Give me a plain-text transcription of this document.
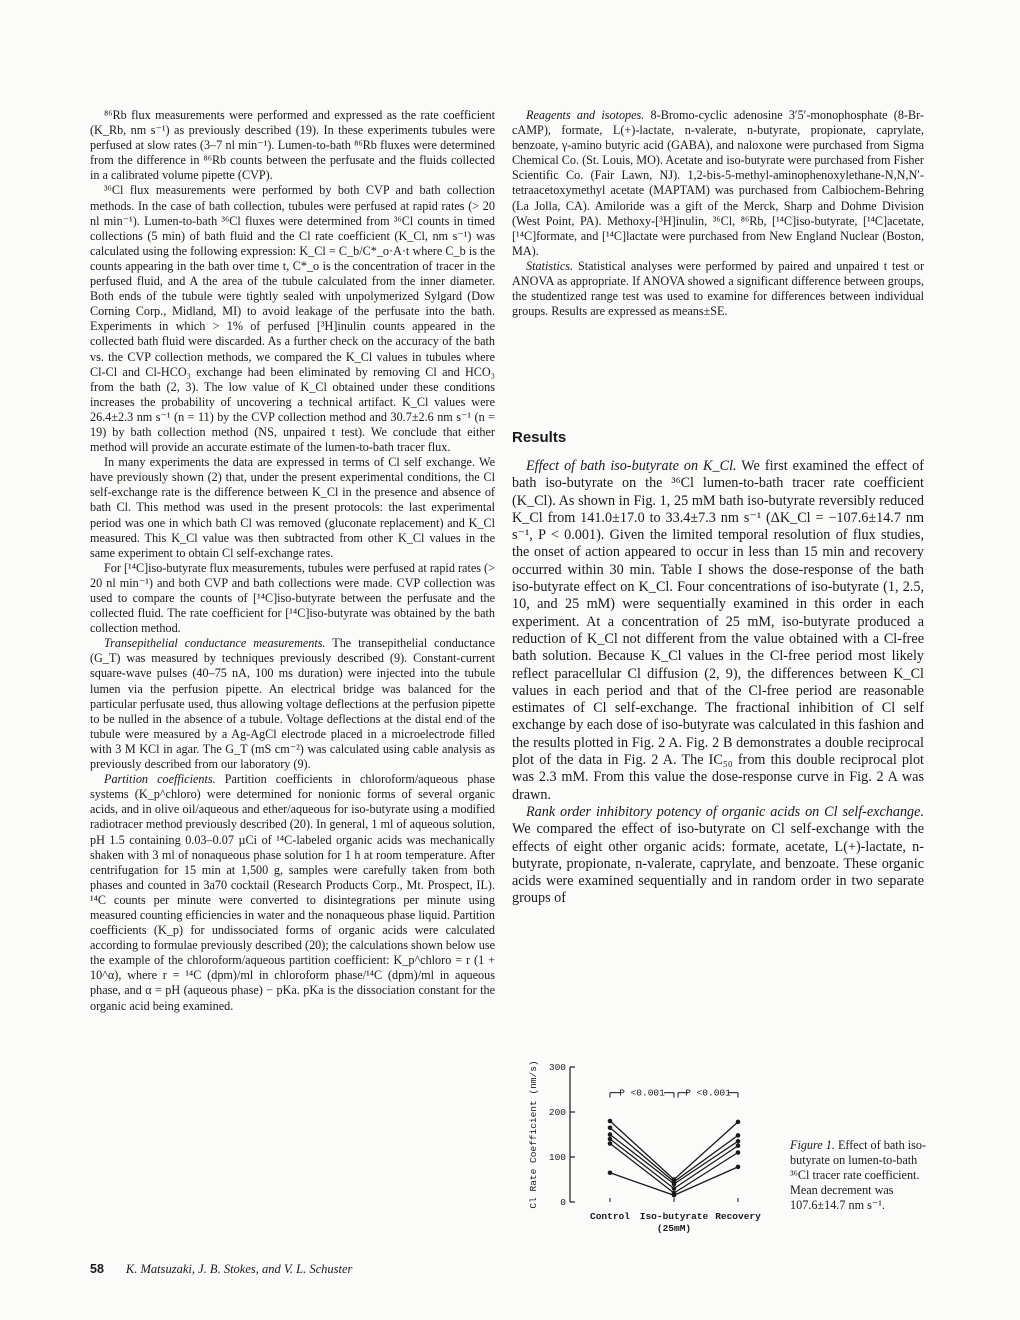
⁸⁶Rb flux measurements were performed and expressed as the rate coefficient (K_Rb, nm s⁻¹) as previously described (19). In these experiments tubules were perfused at slow rates (3–7 nl min⁻¹). Lumen-to-bath ⁸⁶Rb fluxes were determined from the difference in ⁸⁶Rb counts between the perfusate and the fluids collected in a calibrated volume pipette (CVP).

³⁶Cl flux measurements were performed by both CVP and bath collection methods. In the case of bath collection, tubules were perfused at rapid rates (> 20 nl min⁻¹). Lumen-to-bath ³⁶Cl fluxes were determined from ³⁶Cl counts in timed collections (5 min) of bath fluid and the Cl rate coefficient (K_Cl, nm s⁻¹) was calculated using the following expression: K_Cl = C_b/C*_o·A·t where C_b is the counts appearing in the bath over time t, C*_o is the concentration of tracer in the perfused fluid, and A the area of the tubule calculated from the inner diameter. Both ends of the tubule were tightly sealed with unpolymerized Sylgard (Dow Corning Corp., Midland, MI) to avoid leakage of the perfusate into the bath. Experiments in which > 1% of perfused [³H]inulin counts appeared in the collected bath fluid were discarded. As a further check on the accuracy of the bath vs. the CVP collection methods, we compared the K_Cl values in tubules where Cl-Cl and Cl-HCO₃ exchange had been eliminated by removing Cl and HCO₃ from the bath (2, 3). The low value of K_Cl obtained under these conditions increases the probability of uncovering a technical artifact. K_Cl values were 26.4±2.3 nm s⁻¹ (n = 11) by the CVP collection method and 30.7±2.6 nm s⁻¹ (n = 19) by bath collection method (NS, unpaired t test). We conclude that either method will provide an accurate estimate of the lumen-to-bath tracer flux.

In many experiments the data are expressed in terms of Cl self exchange. We have previously shown (2) that, under the present experimental conditions, the Cl self-exchange rate is the difference between K_Cl in the presence and absence of bath Cl. This method was used in the present protocols: the last experimental period was one in which bath Cl was removed (gluconate replacement) and K_Cl measured. This K_Cl value was then subtracted from other K_Cl values in the same experiment to obtain Cl self-exchange rates.

For [¹⁴C]iso-butyrate flux measurements, tubules were perfused at rapid rates (> 20 nl min⁻¹) and both CVP and bath collections were made. CVP collection was used to compare the counts of [¹⁴C]iso-butyrate between the perfusate and the collected fluid. The rate coefficient for [¹⁴C]iso-butyrate was obtained by the bath collection method.

Transepithelial conductance measurements. The transepithelial conductance (G_T) was measured by techniques previously described (9). Constant-current square-wave pulses (40–75 nA, 100 ms duration) were injected into the tubule lumen via the perfusion pipette. An electrical bridge was balanced for the particular perfusate used, thus allowing voltage deflections at the perfusion pipette to be nulled in the absence of a tubule. Voltage deflections at the distal end of the tubule were measured by a Ag-AgCl electrode placed in a microelectrode filled with 3 M KCl in agar. The G_T (mS cm⁻²) was calculated using cable analysis as previously described from our laboratory (9).

Partition coefficients. Partition coefficients in chloroform/aqueous phase systems (K_p^chloro) were determined for nonionic forms of several organic acids, and in olive oil/aqueous and ether/aqueous for iso-butyrate using a modified radiotracer method previously described (20). In general, 1 ml of aqueous solution, pH 1.5 containing 0.03–0.07 µCi of ¹⁴C-labeled organic acids was mechanically shaken with 3 ml of nonaqueous phase solution for 1 h at room temperature. After centrifugation for 15 min at 1,500 g, samples were carefully taken from both phases and counted in 3a70 cocktail (Research Products Corp., Mt. Prospect, IL). ¹⁴C counts per minute were converted to disintegrations per minute using measured counting efficiencies in water and the nonaqueous phase liquid. Partition coefficients (K_p) for undissociated forms of organic acids were calculated according to formulae previously described (20); the calculations shown below use the example of the chloroform/aqueous partition coefficient: K_p^chloro = r (1 + 10^α), where r = ¹⁴C (dpm)/ml in chloroform phase/¹⁴C (dpm)/ml in aqueous phase, and α = pH (aqueous phase) − pKa. pKa is the dissociation constant for the organic acid being examined.

Reagents and isotopes. 8-Bromo-cyclic adenosine 3′5′-monophosphate (8-Br-cAMP), formate, L(+)-lactate, n-valerate, n-butyrate, propionate, caprylate, benzoate, γ-amino butyric acid (GABA), and naloxone were purchased from Sigma Chemical Co. (St. Louis, MO). Acetate and iso-butyrate were purchased from Fisher Scientific Co. (Fair Lawn, NJ). 1,2-bis-5-methyl-aminophenoxylethane-N,N,N′-tetraacetoxymethyl acetate (MAPTAM) was purchased from Calbiochem-Behring (La Jolla, CA). Amiloride was a gift of the Merck, Sharp and Dohme Division (West Point, PA). Methoxy-[³H]inulin, ³⁶Cl, ⁸⁶Rb, [¹⁴C]iso-butyrate, [¹⁴C]acetate, [¹⁴C]formate, and [¹⁴C]lactate were purchased from New England Nuclear (Boston, MA).

Statistics. Statistical analyses were performed by paired and unpaired t test or ANOVA as appropriate. If ANOVA showed a significant difference between groups, the studentized range test was used to examine for differences between individual groups. Results are expressed as means±SE.

Results

Effect of bath iso-butyrate on K_Cl. We first examined the effect of bath iso-butyrate on the ³⁶Cl lumen-to-bath tracer rate coefficient (K_Cl). As shown in Fig. 1, 25 mM bath iso-butyrate reversibly reduced K_Cl from 141.0±17.0 to 33.4±7.3 nm s⁻¹ (ΔK_Cl = −107.6±14.7 nm s⁻¹, P < 0.001). Given the limited temporal resolution of flux studies, the onset of action appeared to occur in less than 15 min and recovery occurred within 30 min. Table I shows the dose-response of the bath iso-butyrate effect on K_Cl. Four concentrations of iso-butyrate (1, 2.5, 10, and 25 mM) were sequentially examined in this order in each experiment. At a concentration of 25 mM, iso-butyrate produced a reduction of K_Cl not different from the value obtained with a Cl-free bath solution. Because K_Cl values in the Cl-free period most likely reflect paracellular Cl diffusion (2, 9), the differences between K_Cl values in each period and that of the Cl-free period are reasonable estimates of Cl self-exchange. The fractional inhibition of Cl self exchange by each dose of iso-butyrate was calculated in this fashion and the results plotted in Fig. 2 A. Fig. 2 B demonstrates a double reciprocal plot of the data in Fig. 2 A. The IC₅₀ from this double reciprocal plot was 2.3 mM. From this value the dose-response curve in Fig. 2 A was drawn.

Rank order inhibitory potency of organic acids on Cl self-exchange. We compared the effect of iso-butyrate on Cl self-exchange with the effects of eight other organic acids: formate, acetate, L(+)-lactate, n-butyrate, propionate, n-valerate, caprylate, and benzoate. These organic acids were examined sequentially and in random order in two separate groups of

0
100
200
300
Cl Rate Coefficient (nm/s)
Control Iso-butyrate Recovery
(25mM)
P <0.001 P <0.001
Figure 1. Effect of bath iso-butyrate on lumen-to-bath ³⁶Cl tracer rate coefficient. Mean decrement was 107.6±14.7 nm s⁻¹.
58 K. Matsuzaki, J. B. Stokes, and V. L. Schuster
